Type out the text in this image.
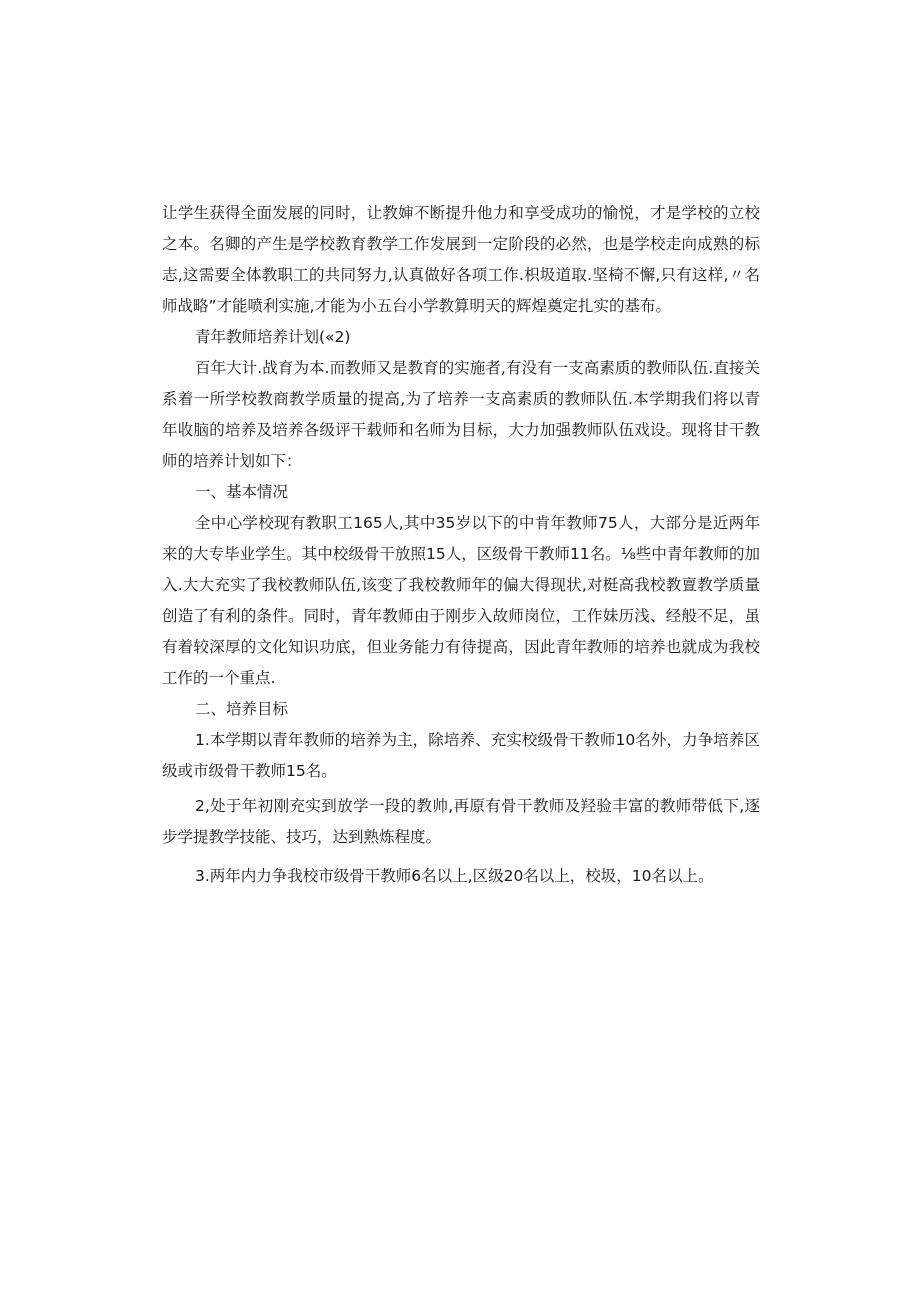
让学生获得全面发展的同时，让教婶不断提升他力和享受成功的愉悦，才是学校的立校之本。名卿的产生是学校教育教学工作发展到一定阶段的必然，也是学校走向成熟的标志,这需要全体教职工的共同努力,认真做好各项工作.枳圾道取.坚椅不懈,只有这样,〃名师战略”才能喷利实施,才能为小五台小学教算明天的辉煌奠定扎实的基布。

青年教师培养计划(«2)

百年大计.战育为本.而教师又是教育的实施者,有没有一支高素质的教师队伍.直接关系着一所学校教商教学质量的提高,为了培养一支高素质的教师队伍.本学期我们将以青年收脑的培养及培养各级评干载师和名师为目标，大力加强教师队伍戏设。现将甘干教师的培养计划如下：

一、基本情况

全中心学校现有教职工165人,其中35岁以下的中肯年教师75人，大部分是近两年来的大专毕业学生。其中校级骨干放照15人，区级骨干教师11名。⅛些中青年教师的加入.大大充实了我校教师队伍,该变了我校教师年的偏大得现状,对梃高我校教亶教学质量创造了有利的条件。同时，青年教师由于刚步入故师岗位，工作妹历浅、经般不足，虽有着较深厚的文化知识功底，但业务能力有待提高，因此青年教师的培养也就成为我校工作的一个重点.

二、培养目标

1.本学期以青年教师的培养为主，除培养、充实校级骨干教师10名外，力争培养区级或市级骨干教师15名。

2,处于年初刚充实到放学一段的教帅,再原有骨干教师及羟验丰富的教师带低下,逐步学提教学技能、技巧，达到熟炼程度。

3.两年内力争我校市级骨干教师6名以上,区级20名以上，校圾，10名以上。
